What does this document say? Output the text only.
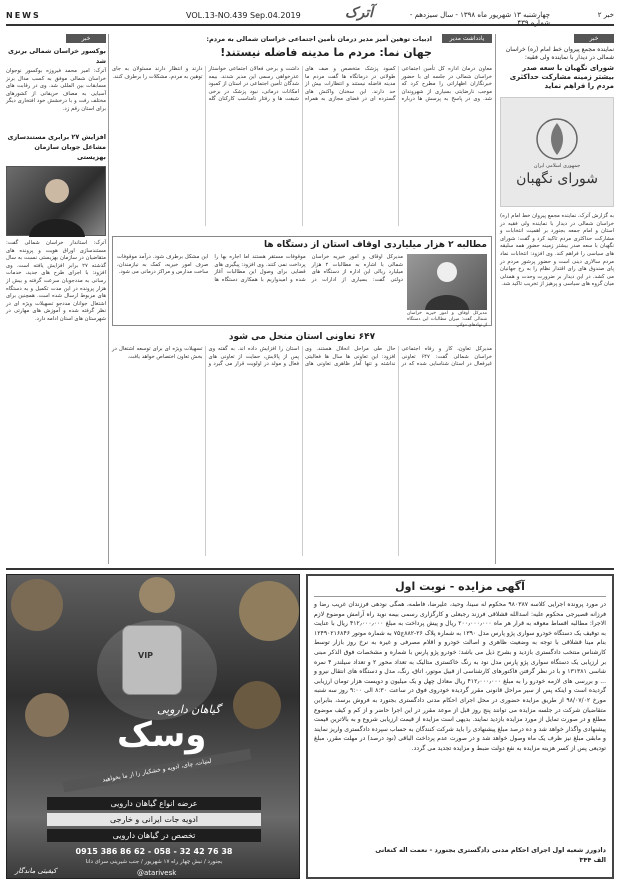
NEWS	VOL.13-NO.439 Sep.04.2019	آترک	چهارشنبه ۱۳ شهریور ماه ۱۳۹۸ - سال سیزدهم - شماره ۴۳۹
خبر ۲
خبر
نماینده مجمع پیروان خط امام (ره) خراسان شمالی در دیدار با نماینده ولی فقیه:
شورای نگهبان با سعه صدر بیشتر زمینه مشارکت حداکثری مردم را فراهم نماید
جمهوری اسلامی ایران
شورای نگهبان
به گزارش آترک، نماینده مجمع پیروان خط امام (ره) خراسان شمالی در دیدار با نماینده ولی فقیه در استان و امام جمعه بجنورد بر اهمیت انتخابات و مشارکت حداکثری مردم تاکید کرد و گفت: شورای نگهبان با سعه صدر بیشتر زمینه حضور همه سلیقه های سیاسی را فراهم کند. وی افزود: انتخابات نماد مردم سالاری دینی است و حضور پرشور مردم در پای صندوق های رای اقتدار نظام را به رخ جهانیان می کشد. در این دیدار بر ضرورت وحدت و همدلی میان گروه های سیاسی و پرهیز از تخریب تاکید شد.
یادداشت مدیر
ادبیات توهین آمیز مدیر درمان تأمین اجتماعی خراسان شمالی به مردم:
جهان نما: مردم ما مدینه فاضله نیستند!
معاون درمان اداره کل تأمین اجتماعی خراسان شمالی در جلسه ای با حضور خبرنگاران اظهاراتی را مطرح کرد که موجب نارضایتی بسیاری از شهروندان شد. وی در پاسخ به پرسش ها درباره کمبود پزشک متخصص و صف های طولانی در درمانگاه ها گفت مردم ما مدینه فاضله نیستند و انتظارات بیش از حد دارند. این سخنان واکنش های گسترده ای در فضای مجازی به همراه داشت و برخی فعالان اجتماعی خواستار عذرخواهی رسمی این مدیر شدند. بیمه شدگان تأمین اجتماعی در استان از کمبود امکانات درمانی، نبود پزشک در برخی شیفت ها و رفتار نامناسب کارکنان گله دارند و انتظار دارند مسئولان به جای توهین به مردم، مشکلات را برطرف کنند.
خبر
بوکسور خراسان شمالی برنزی شد
آترک: امیر محمد فیروزه بوکسور نوجوان خراسان شمالی موفق به کسب مدال برنز مسابقات بین المللی شد. وی در رقابت های آسیایی به مصاف حریفانی از کشورهای مختلف رفت و با درخشش خود افتخاری دیگر برای استان رقم زد.
افزایش ۲۷ برابری مستندسازی مشاغل جوبان سازمان بهزیستی
آترک: استاندار خراسان شمالی گفت: مستندسازی اوراق هویت و پرونده های متقاضیان در سازمان بهزیستی نسبت به سال گذشته ۲۷ برابر افزایش یافته است. وی افزود: با اجرای طرح های جدید، خدمات رسانی به مددجویان سرعت گرفته و بیش از هزار پرونده در این مدت تکمیل و به دستگاه های مربوط ارسال شده است. همچنین برای اشتغال جوانان مددجو تسهیلات ویژه ای در نظر گرفته شده و آموزش های مهارتی در شهرستان های استان ادامه دارد.
مطالبه ۲ هزار میلیاردی اوقاف استان از دستگاه ها
مدیرکل اوقاف و امور خیریه خراسان شمالی گفت: میزان مطالبات این دستگاه از نهادهای دولتی
مدیرکل اوقاف و امور خیریه خراسان شمالی با اشاره به مطالبات ۲ هزار میلیارد ریالی این اداره از دستگاه های دولتی گفت: بسیاری از ادارات در موقوفات مستقر هستند اما اجاره بها را پرداخت نمی کنند. وی افزود: پیگیری های قضایی برای وصول این مطالبات آغاز شده و امیدواریم با همکاری دستگاه ها این مشکل برطرف شود. درآمد موقوفات صرف امور خیریه، کمک به نیازمندان، ساخت مدارس و مراکز درمانی می شود.
۶۴۷ تعاونی استان منحل می شود
مدیرکل تعاون، کار و رفاه اجتماعی خراسان شمالی گفت: ۶۴۷ تعاونی غیرفعال در استان شناسایی شده که در حال طی مراحل انحلال هستند. وی افزود: این تعاونی ها سال ها فعالیتی نداشته و تنها آمار ظاهری تعاونی های استان را افزایش داده اند. به گفته وی پس از پالایش، حمایت از تعاونی های فعال و مولد در اولویت قرار می گیرد و تسهیلات ویژه ای برای توسعه اشتغال در بخش تعاون اختصاص خواهد یافت.
VIP
گیاهان دارویی
وسک
لبنیات، چای، ادویه و خشکبار را از ما بخواهید
عرضه انواع گیاهان دارویی
ادویه جات ایرانی و خارجی
تخصص در گیاهان دارویی
0915 386 86 62 - 058 - 32 42 76 38
بجنورد / نبش چهار راه ۱۷ شهریور / جنب شیرینی سرای دانا
@atarivesk
کیفیتی ماندگار
آگهی مزایده - نوبت اول
در مورد پرونده اجرایی کلاسه ۹۸۰۳۸۷ محکوم له سینا، وحید، علیرضا، فاطمه، همگی نودهی فرزندان غریب رضا و فرزانه قصیرجی محکوم علیه: اسدالله قشلاقی فرزند رجبعلی و کارگزاری رسمی بیمه نوید راه آرامش موضوع لازم الاجرا: مطالبه اقساط معوقه به قرار هر ماه ۲۰۰٫۰۰۰٫۰۰۰ ریال و پیش پرداخت به مبلغ ۴۱۲٫۰۰۰٫۰۰۰ ریال با عنایت به توقیف یک دستگاه خودرو سواری پژو پارس مدل ۱۳۹۰ به شماره پلاک ۲۶-۸۸۲ج۷۵ به شماره موتور ۱۲۴۹۰۲۱۶۸۴۶ بنام مینا قشلاقی با توجه به وضعیت ظاهری و اصالت خودرو و اقلام مصرفی و غیره به نرخ روز بازار توسط کارشناس منتخب دادگستری بازدید و بشرح ذیل می باشد: خودرو پژو پارس با شماره و مشخصات فوق الذکر مبنی بر ارزیابی یک دستگاه سواری پژو پارس مدل نود به رنگ خاکستری متالیک به تعداد محور ۲ و تعداد سیلندر ۴ نمره شاسی ۱۳۱۳۸۱ و با در نظر گرفتن فاکتورهای کارشناسی از قبیل موتور، اتاق، رنگ، مدل و دستگاه های انتقال نیرو و ... و بررسی های لازمه خودرو را به مبلغ ۴۱۲٫۰۰۰٫۰۰۰ ریال معادل چهل و یک میلیون و دویست هزار تومان ارزیابی گردیده است و اینکه پس از سیر مراحل قانونی مقرر گردیده خودروی فوق در ساعت ۸:۳۰ الی ۹:۰۰ روز سه شنبه مورخ ۹۸/۰۷/۰۲ از طریق مزایده حضوری در محل اجرای احکام مدنی دادگستری بجنورد به فروش برسد، بنابراین متقاضیان شرکت در جلسه مزایده می توانند پنج روز قبل از موعد مقرر در این اجرا حاضر و از کم و کیف موضوع مطلع و در صورت تمایل از مورد مزایده بازدید نمایند. بدیهی است مزایده از قیمت ارزیابی شروع و به بالاترین قیمت پیشنهادی واگذار خواهد شد و ده درصد مبلغ پیشنهادی را باید شرکت کنندگان به حساب سپرده دادگستری واریز نمایند و مابقی مبلغ نیز ظرف یک ماه وصول خواهد شد و در صورت عدم پرداخت الباقی (نود درصد) در مهلت مقرر، مبلغ تودیعی پس از کسر هزینه مزایده به نفع دولت ضبط و مزایده تجدید می گردد.
دادورز شعبه اول اجرای احکام مدنی دادگستری بجنورد - نعمت اله کنعانی
الف ۳۴۴
